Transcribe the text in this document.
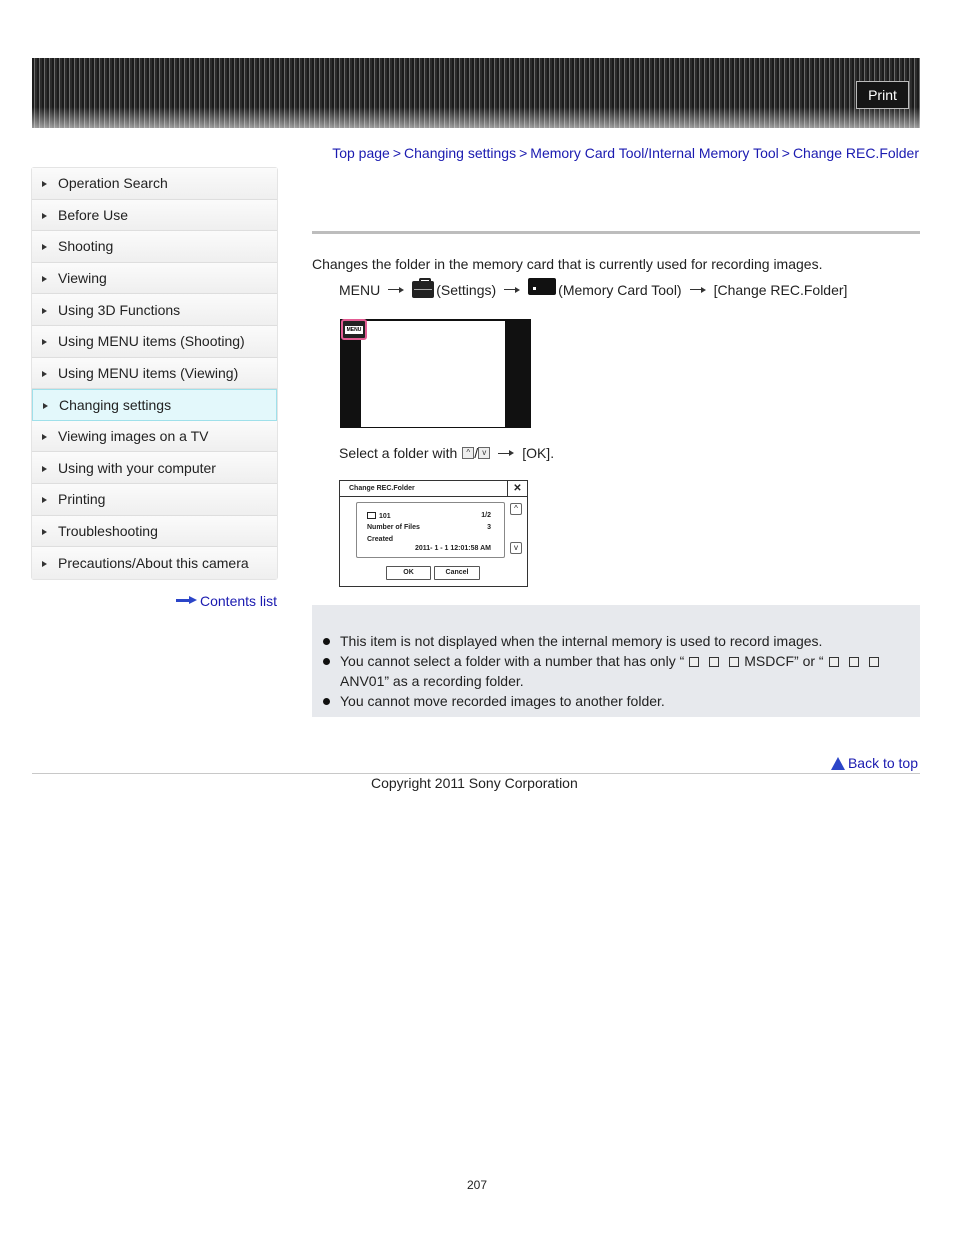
Print
Top page > Changing settings > Memory Card Tool/Internal Memory Tool > Change REC.Folder
Operation Search
Before Use
Shooting
Viewing
Using 3D Functions
Using MENU items (Shooting)
Using MENU items (Viewing)
Changing settings
Viewing images on a TV
Using with your computer
Printing
Troubleshooting
Precautions/About this camera
Contents list
Changes the folder in the memory card that is currently used for recording images.
MENU	(Settings)	(Memory Card Tool) [Change REC.Folder]
MENU
Select a folder with	^ / v	[OK].
Change REC.Folder	✕
101	1/2
Number of Files	3
Created
2011- 1 - 1 12:01:58 AM
^
v
OK	Cancel
This item is not displayed when the internal memory is used to record images.
You cannot select a folder with a number that has only “	MSDCF” or “
ANV01” as a recording folder.
You cannot move recorded images to another folder.
Back to top
Copyright 2011 Sony Corporation
207
